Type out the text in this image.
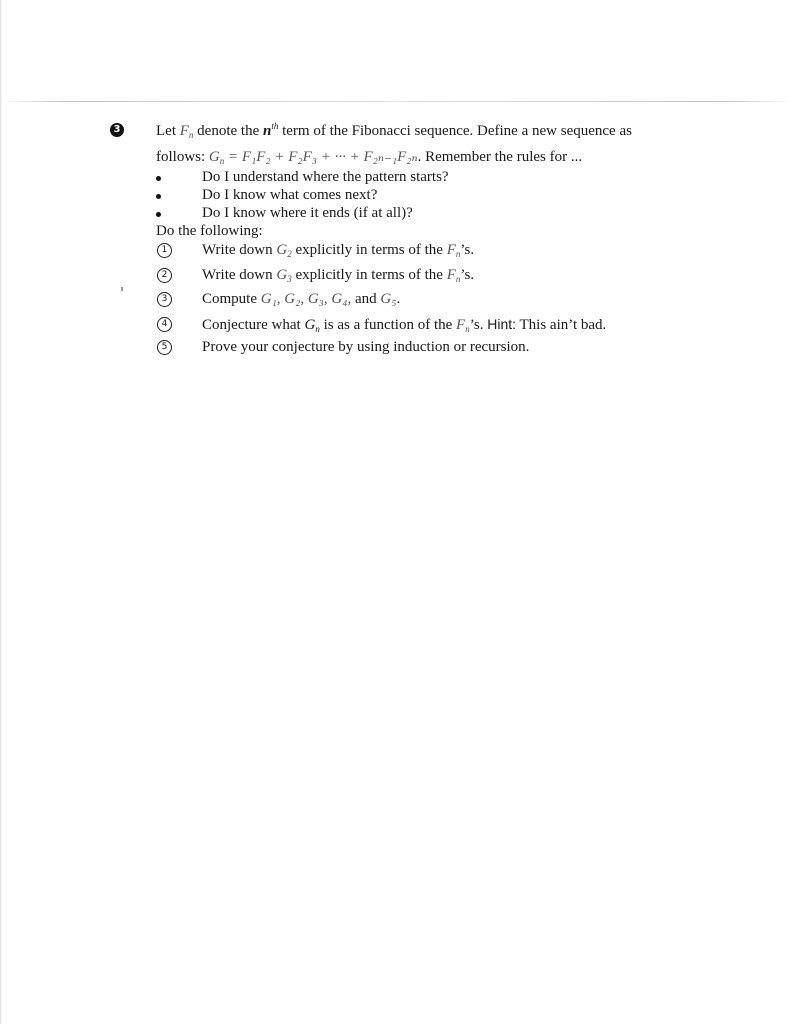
3 Let $F_n$ denote the $n^{th}$ term of the Fibonacci sequence. Define a new sequence as
follows: $G_n = F_1F_2 + F_2F_3$ + ··· + F₂ₙ₋₁F₂ₙ. Remember the rules for ...
Do I understand where the pattern starts?
Do I know what comes next?
Do I know where it ends (if at all)?
Do the following:
1	Write down $G_2$ explicitly in terms of the $F_n’s$.
2	Write down $G_3$ explicitly in terms of the $F_n’s$.
3	Compute G₁, G₂, G₃, G₄, and G₅.
4	Conjecture what $G_n$ is as a function of the $F_n’s$. Hint: This ain’t bad.
5	Prove your conjecture by using induction or recursion.
